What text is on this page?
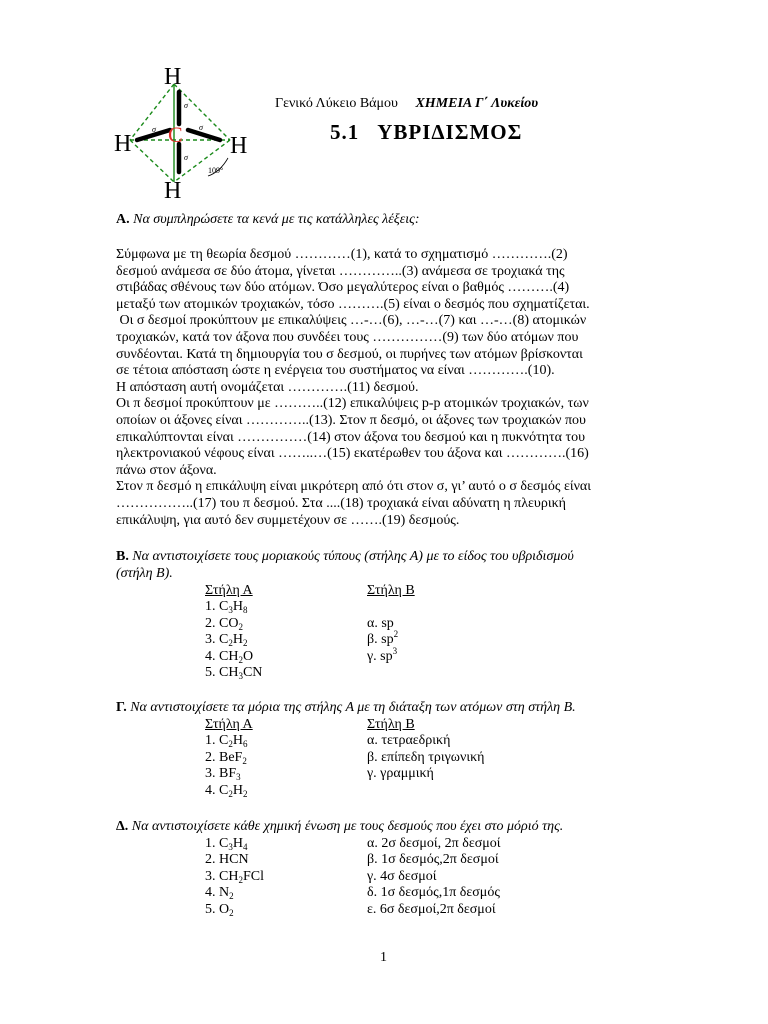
H
H	H
H
C
σ
σ	σ
σ
109°
Γενικό Λύκειο Βάμου ΧΗΜΕΙΑ Γ΄ Λυκείου
5.1   ΥΒΡΙΔΙΣΜΟΣ
Α. Να συμπληρώσετε τα κενά με τις κατάλληλες λέξεις:

Σύμφωνα με τη θεωρία δεσμού …………(1), κατά το σχηματισμό ………….(2)

δεσμού ανάμεσα σε δύο άτομα, γίνεται …………..(3) ανάμεσα σε τροχιακά της

στιβάδας σθένους των δύο ατόμων. Όσο μεγαλύτερος είναι ο βαθμός ……….(4)

μεταξύ των ατομικών τροχιακών, τόσο ……….(5) είναι ο δεσμός που σχηματίζεται.

Οι σ δεσμοί προκύπτουν με επικαλύψεις …-…(6), …-…(7) και …-…(8) ατομικών

τροχιακών, κατά τον άξονα που συνδέει τους ……………(9) των δύο ατόμων που

συνδέονται. Κατά τη δημιουργία του σ δεσμού, οι πυρήνες των ατόμων βρίσκονται

σε τέτοια απόσταση ώστε η ενέργεια του συστήματος να είναι ………….(10).

Η απόσταση αυτή ονομάζεται ………….(11) δεσμού.

Οι π δεσμοί προκύπτουν με ………..(12) επικαλύψεις p-p ατομικών τροχιακών, των

οποίων οι άξονες είναι …………..(13). Στον π δεσμό, οι άξονες των τροχιακών που

επικαλύπτονται είναι ……………(14) στον άξονα του δεσμού και η πυκνότητα του

ηλεκτρονιακού νέφους είναι ……..…(15) εκατέρωθεν του άξονα και ………….(16)

πάνω στον άξονα.

Στον π δεσμό η επικάλυψη είναι μικρότερη από ότι στον σ, γι’ αυτό ο σ δεσμός είναι

……………..(17) του π δεσμού. Στα ....(18) τροχιακά είναι αδύνατη η πλευρική

επικάλυψη, για αυτό δεν συμμετέχουν σε …….(19) δεσμούς.

Β. Να αντιστοιχίσετε τους μοριακούς τύπους (στήλης Α) με το είδος του υβριδισμού
(στήλη Β).
Στήλη Α
1. $C_3H_8$
2. $CO_2$
3. $C_2H_2$
4. $CH_2O$
5. $CH_3CN$
Στήλη Β

α. sp
β. $sp^2$
γ. $sp^3$
Γ. Να αντιστοιχίσετε τα μόρια της στήλης Α με τη διάταξη των ατόμων στη στήλη Β.
Στήλη Α
1. $C_2H_6$
2. BeF$_2$
3. $BF_3$
4. $C_2H_2$
Στήλη Β
α. τετραεδρική
β. επίπεδη τριγωνική
γ. γραμμική
Δ. Να αντιστοιχίσετε κάθε χημική ένωση με τους δεσμούς που έχει στο μόριό της.
1. $C_3H_4$
2. HCN
3. $CH_2FCl$
4. $N_2$
5. $O_2$
α. 2σ δεσμοί, 2π δεσμοί
β. 1σ δεσμός,2π δεσμοί
γ. 4σ δεσμοί
δ. 1σ δεσμός,1π δεσμός
ε. 6σ δεσμοί,2π δεσμοί
1
